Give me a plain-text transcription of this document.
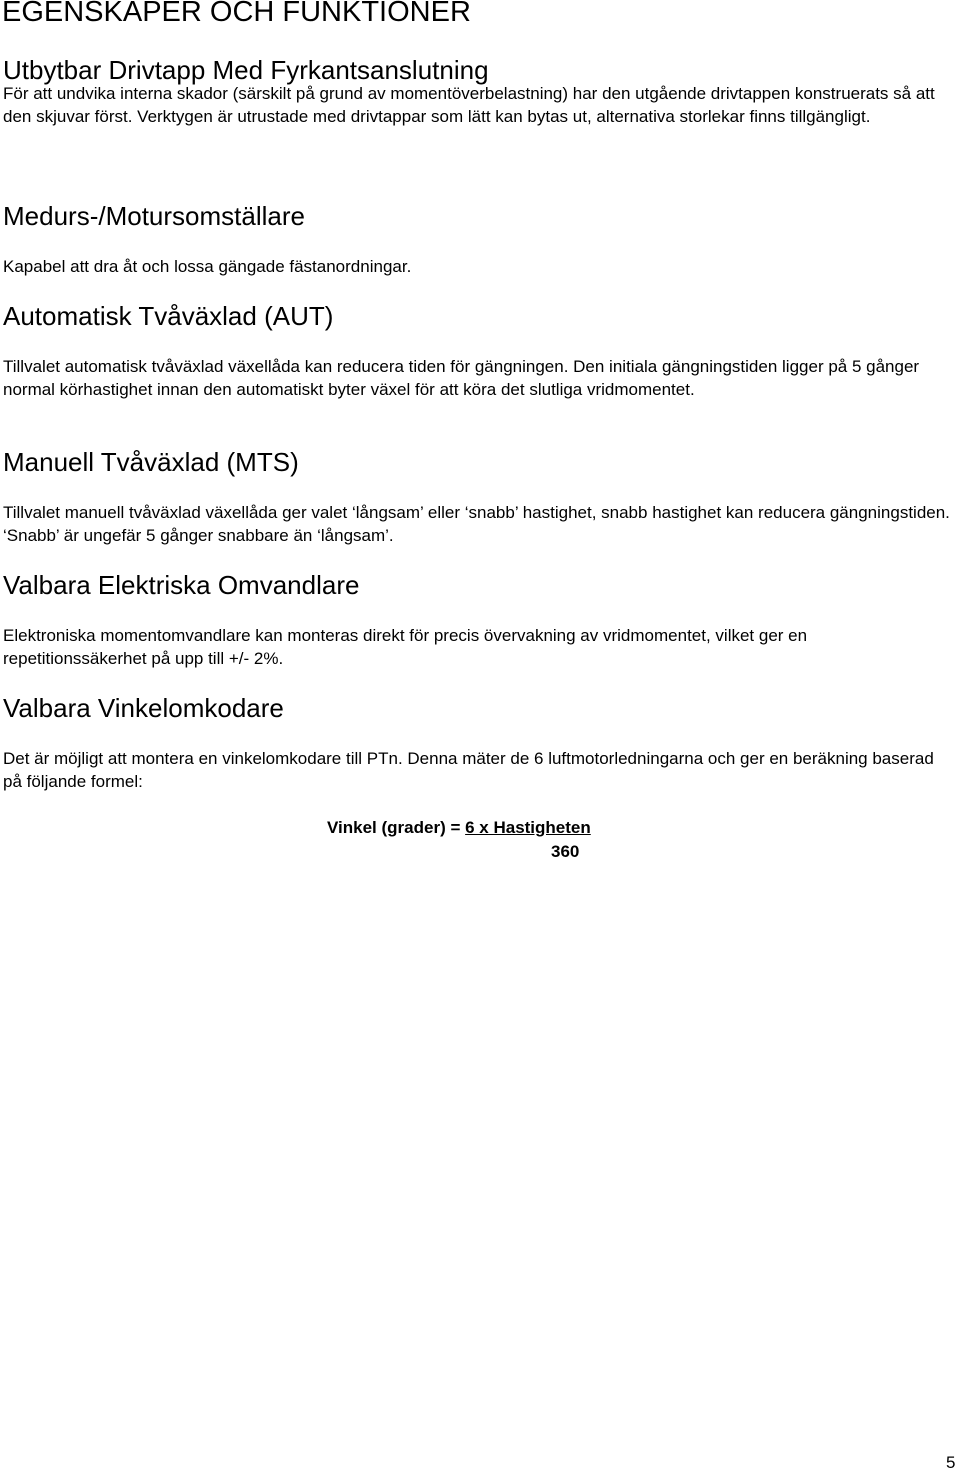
EGENSKAPER OCH FUNKTIONER
Utbytbar Drivtapp Med Fyrkantsanslutning

För att undvika interna skador (särskilt på grund av momentöverbelastning) har den utgående drivtappen konstruerats så att den skjuvar först. Verktygen är utrustade med drivtappar som lätt kan bytas ut, alternativa storlekar finns tillgängligt.

Medurs-/Motursomställare

Kapabel att dra åt och lossa gängade fästanordningar.

Automatisk Tvåväxlad (AUT)

Tillvalet automatisk tvåväxlad växellåda kan reducera tiden för gängningen. Den initiala gängningstiden ligger på 5 gånger normal körhastighet innan den automatiskt byter växel för att köra det slutliga vridmomentet.

Manuell Tvåväxlad (MTS)

Tillvalet manuell tvåväxlad växellåda ger valet ‘långsam’ eller ‘snabb’ hastighet, snabb hastighet kan reducera gängningstiden. ‘Snabb’ är ungefär 5 gånger snabbare än ‘långsam’.

Valbara Elektriska Omvandlare

Elektroniska momentomvandlare kan monteras direkt för precis övervakning av vridmomentet, vilket ger en repetitionssäkerhet på upp till +/- 2%.

Valbara Vinkelomkodare

Det är möjligt att montera en vinkelomkodare till PTn. Denna mäter de 6 luftmotorledningarna och ger en beräkning baserad på följande formel:

Vinkel (grader) = 6 x Hastigheten
360
5
